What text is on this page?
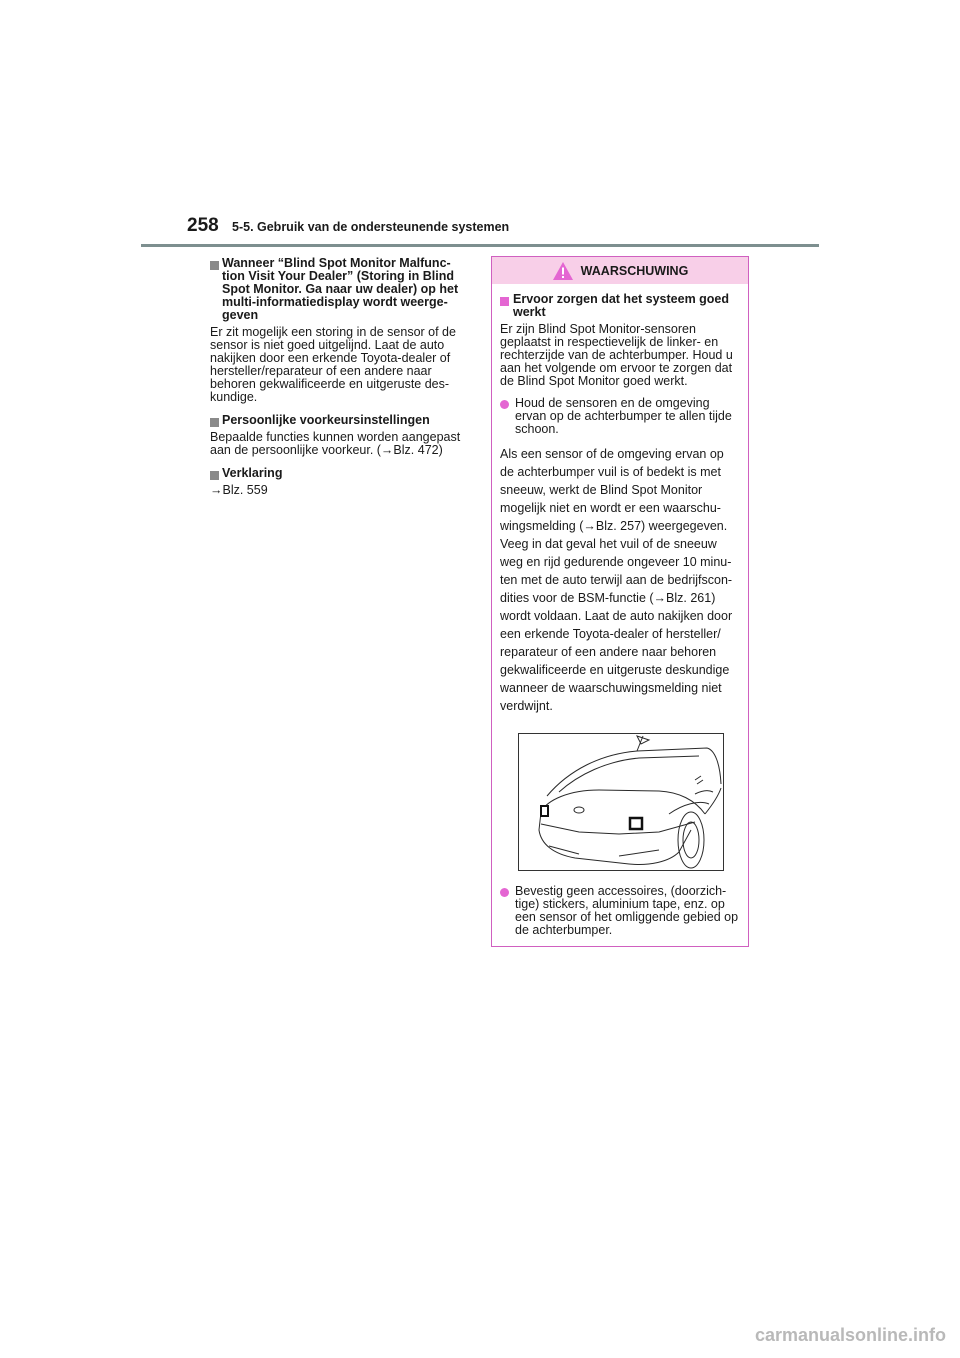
258 5-5. Gebruik van de ondersteunende systemen
Wanneer “Blind Spot Monitor Malfunc-tion Visit Your Dealer” (Storing in Blind Spot Monitor. Ga naar uw dealer) op het multi-informatiedisplay wordt weerge-geven

Er zit mogelijk een storing in de sensor of de sensor is niet goed uitgelijnd. Laat de auto nakijken door een erkende Toyota-dealer of hersteller/reparateur of een andere naar behoren gekwalificeerde en uitgeruste des-kundige.

Persoonlijke voorkeursinstellingen

Bepaalde functies kunnen worden aangepast aan de persoonlijke voorkeur. (→Blz. 472)

Verklaring

→Blz. 559

WAARSCHUWING
Ervoor zorgen dat het systeem goed werkt

Er zijn Blind Spot Monitor-sensoren geplaatst in respectievelijk de linker- en rechterzijde van de achterbumper. Houd u aan het volgende om ervoor te zorgen dat de Blind Spot Monitor goed werkt.

Houd de sensoren en de omgeving ervan op de achterbumper te allen tijde schoon.

Als een sensor of de omgeving ervan op de achterbumper vuil is of bedekt is met sneeuw, werkt de Blind Spot Monitor mogelijk niet en wordt er een waarschu-wingsmelding (→Blz. 257) weergegeven. Veeg in dat geval het vuil of de sneeuw weg en rijd gedurende ongeveer 10 minu-ten met de auto terwijl aan de bedrijfscon-dities voor de BSM-functie (→Blz. 261) wordt voldaan. Laat de auto nakijken door een erkende Toyota-dealer of hersteller/ reparateur of een andere naar behoren gekwalificeerde en uitgeruste deskundige wanneer de waarschuwingsmelding niet verdwijnt.

Bevestig geen accessoires, (doorzich-tige) stickers, aluminium tape, enz. op een sensor of het omliggende gebied op de achterbumper.
carmanualsonline.info
